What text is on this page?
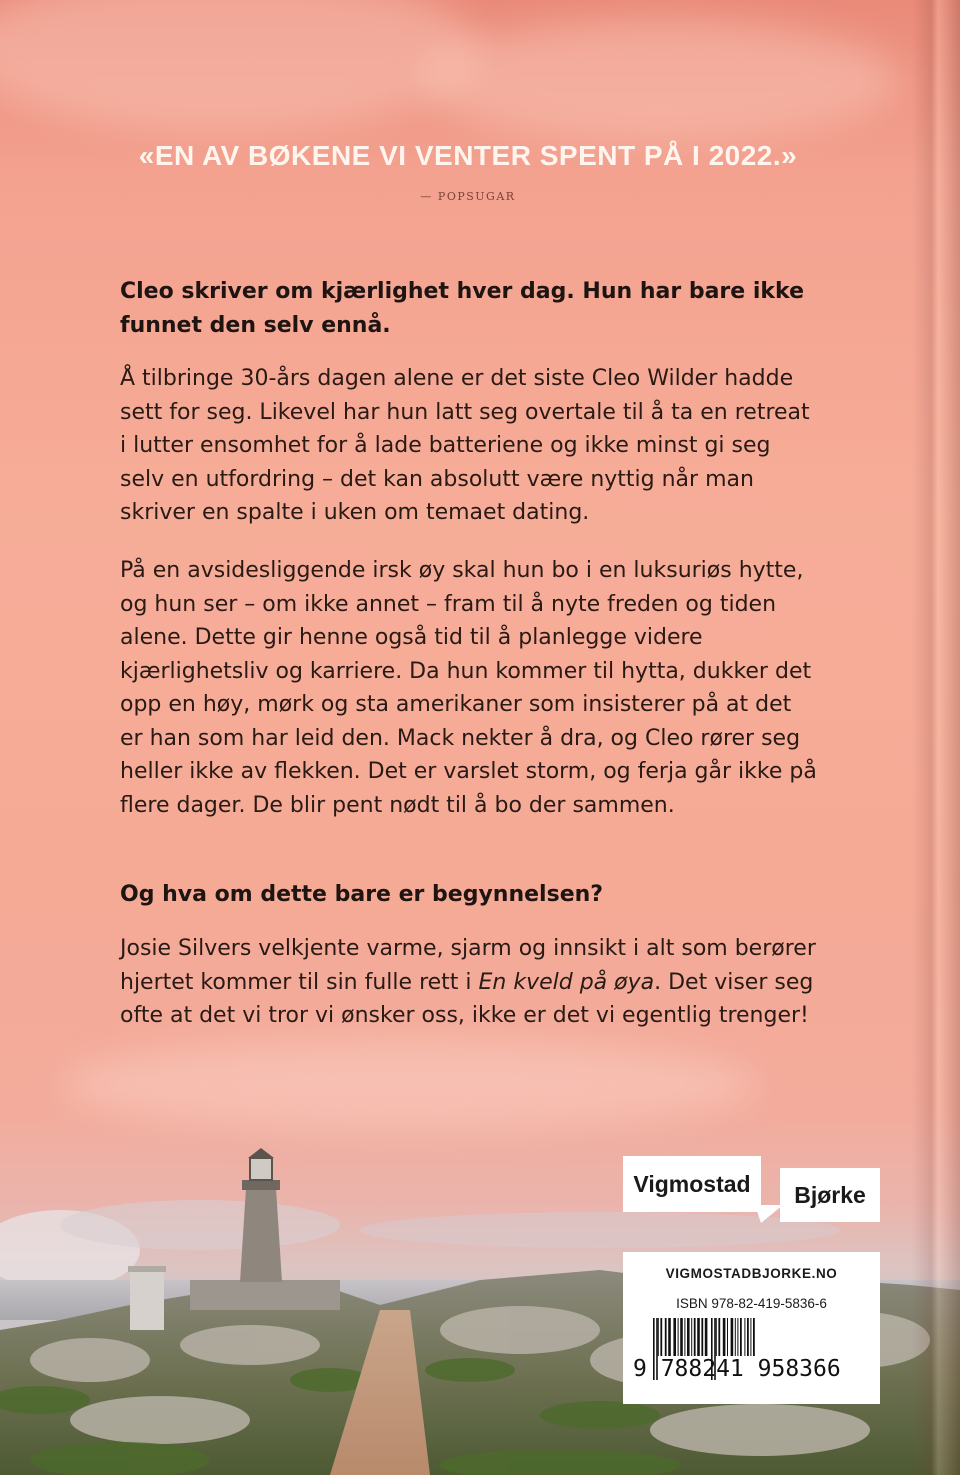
«EN AV BØKENE VI VENTER SPENT PÅ I 2022.»
— POPSUGAR

Cleo skriver om kjærlighet hver dag. Hun har bare ikke funnet den selv ennå.

Å tilbringe 30-års dagen alene er det siste Cleo Wilder hadde sett for seg. Likevel har hun latt seg overtale til å ta en retreat i lutter ensomhet for å lade batteriene og ikke minst gi seg selv en utfordring – det kan absolutt være nyttig når man skriver en spalte i uken om temaet dating.

På en avsidesliggende irsk øy skal hun bo i en luksuriøs hytte, og hun ser – om ikke annet – fram til å nyte freden og tiden alene. Dette gir henne også tid til å planlegge videre kjærlighetsliv og karriere. Da hun kommer til hytta, dukker det opp en høy, mørk og sta amerikaner som insisterer på at det er han som har leid den. Mack nekter å dra, og Cleo rører seg heller ikke av flekken. Det er varslet storm, og ferja går ikke på flere dager. De blir pent nødt til å bo der sammen.

Og hva om dette bare er begynnelsen?

Josie Silvers velkjente varme, sjarm og innsikt i alt som berører hjertet kommer til sin fulle rett i En kveld på øya. Det viser seg ofte at det vi tror vi ønsker oss, ikke er det vi egentlig trenger!

Vigmostad	Bjørke
VIGMOSTADBJORKE.NO
ISBN 978-82-419-5836-6
9 788241 958366
